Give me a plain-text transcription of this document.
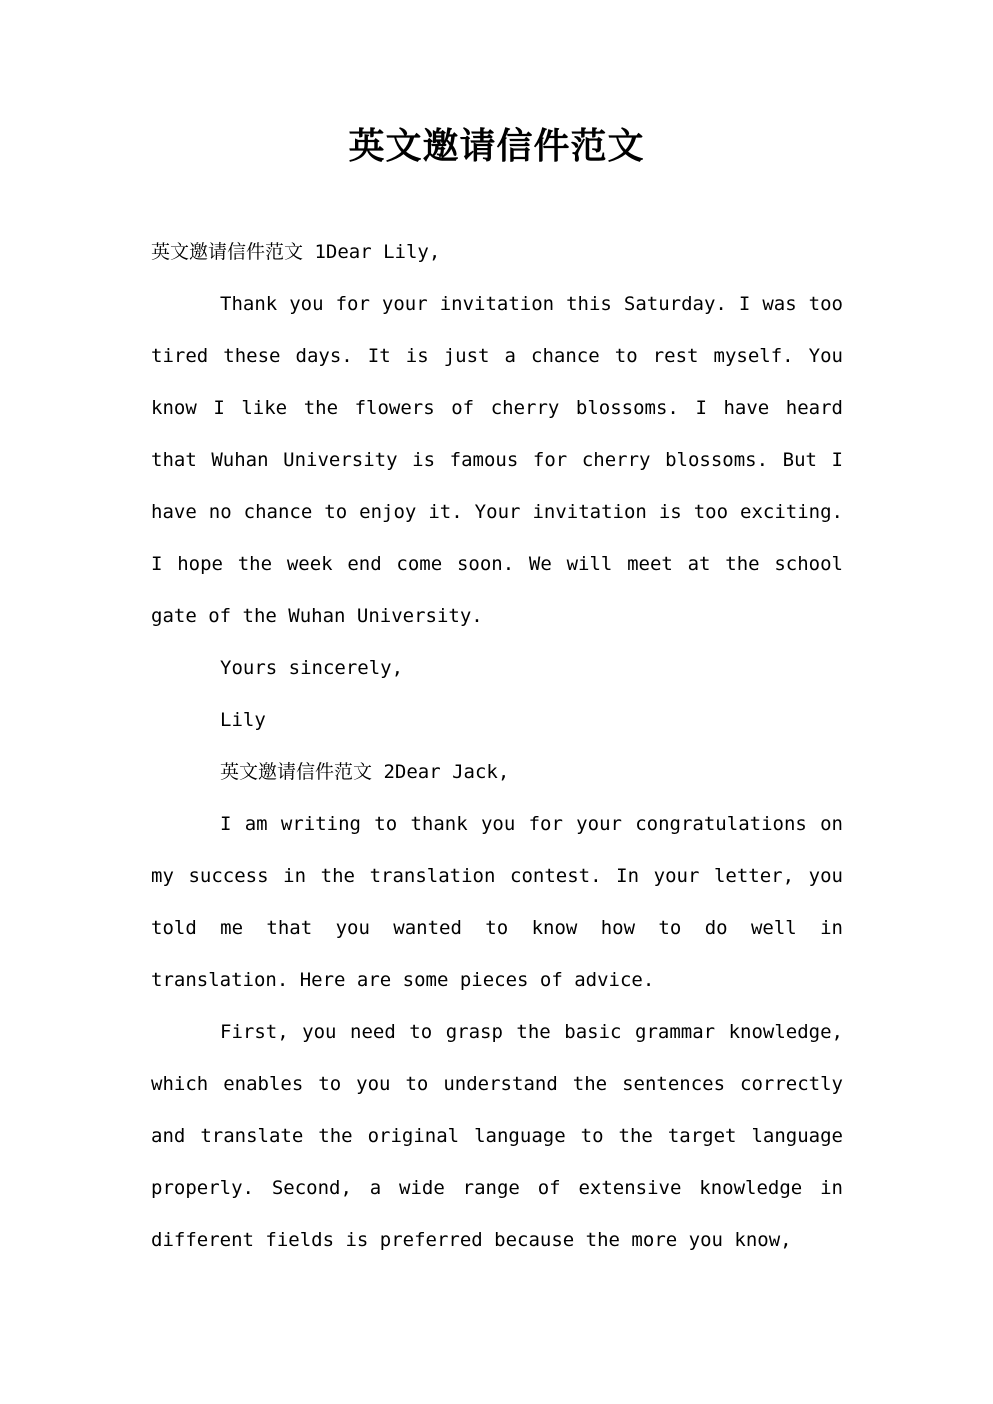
英文邀请信件范文

英文邀请信件范文 1Dear Lily,

Thank you for your invitation this Saturday. I was too tired these days. It is just a chance to rest myself. You know I like the flowers of cherry blossoms. I have heard that Wuhan University is famous for cherry blossoms. But I have no chance to enjoy it. Your invitation is too exciting. I hope the week end come soon. We will meet at the school gate of the Wuhan University.

Yours sincerely,

Lily

英文邀请信件范文 2Dear Jack,

I am writing to thank you for your congratulations on my success in the translation contest. In your letter, you told me that you wanted to know how to do well in translation. Here are some pieces of advice.

First, you need to grasp the basic grammar knowledge, which enables to you to understand the sentences correctly and translate the original language to the target language properly. Second, a wide range of extensive knowledge in different fields is preferred because the more you know,
